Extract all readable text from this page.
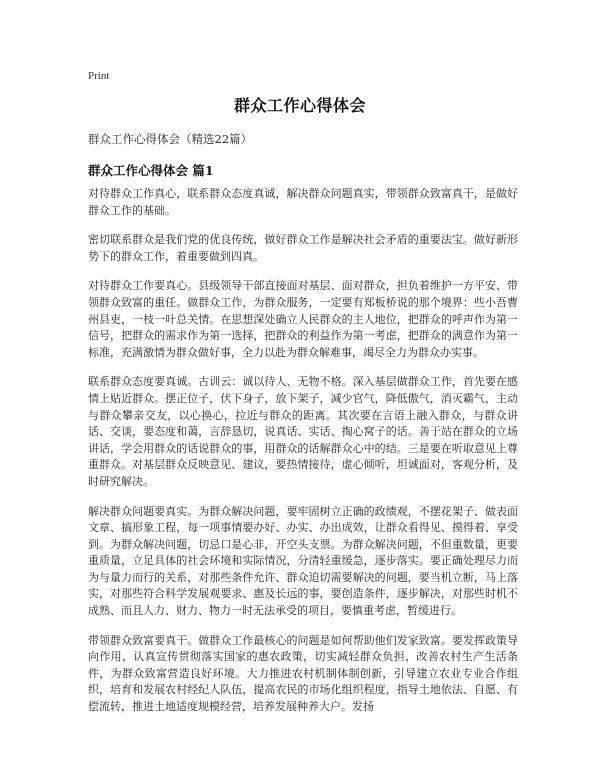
Print
群众工作心得体会
群众工作心得体会（精选22篇）
群众工作心得体会 篇1

对待群众工作真心，联系群众态度真诚，解决群众问题真实，带领群众致富真干，是做好群众工作的基础。

密切联系群众是我们党的优良传统，做好群众工作是解决社会矛盾的重要法宝。做好新形势下的群众工作，着重要做到四真。

对待群众工作要真心。县级领导干部直接面对基层、面对群众，担负着维护一方平安、带领群众致富的重任。做群众工作，为群众服务，一定要有郑板桥说的那个境界：些小吾曹州县吏，一枝一叶总关情。在思想深处确立人民群众的主人地位，把群众的呼声作为第一信号，把群众的需求作为第一选择，把群众的利益作为第一考虑，把群众的满意作为第一标准，充满激情为群众做好事，全力以赴为群众解难事，竭尽全力为群众办实事。

联系群众态度要真诚。古训云：诚以待人、无物不格。深入基层做群众工作，首先要在感情上贴近群众。摆正位子，伏下身子，放下架子，减少官气，降低傲气，消灭霸气，主动与群众攀亲交友，以心换心，拉近与群众的距离。其次要在言语上融入群众，与群众讲话、交谈，要态度和蔼，言辞恳切，说真话、实话、掏心窝子的话。善于站在群众的立场讲话，学会用群众的话说群众的事，用群众的话解群众心中的结。三是要在听取意见上尊重群众。对基层群众反映意见、建议，要热情接待，虚心倾听，坦诚面对，客观分析，及时研究解决。

解决群众问题要真实。为群众解决问题，要牢固树立正确的政绩观，不摆花架子、做表面文章、搞形象工程，每一项事情要办好、办实、办出成效，让群众看得见、摸得着、享受到。为群众解决问题，切忌口是心非，开空头支票。为群众解决问题，不但重数量，更要重质量，立足具体的社会环境和实际情况，分清轻重缓急，逐步落实。要正确处理尽力而为与量力而行的关系，对那些条件允许、群众迫切需要解决的问题，要当机立断，马上落实，对那些符合科学发展观要求、惠及长远的事，要创造条件，逐步解决，对那些时机不成熟、而且人力、财力、物力一时无法承受的项目，要慎重考虑，暂缓进行。

带领群众致富要真干。做群众工作最核心的问题是如何帮助他们发家致富。要发挥政策导向作用，认真宣传贯彻落实国家的惠农政策，切实减轻群众负担，改善农村生产生活条件，为群众致富营造良好环境。大力推进农村机制体制创新，引导建立农业专业合作组织，培育和发展农村经纪人队伍，提高农民的市场化组织程度，指导土地依法、自愿、有偿流转，推进土地适度规模经营，培养发展种养大户。发扬
